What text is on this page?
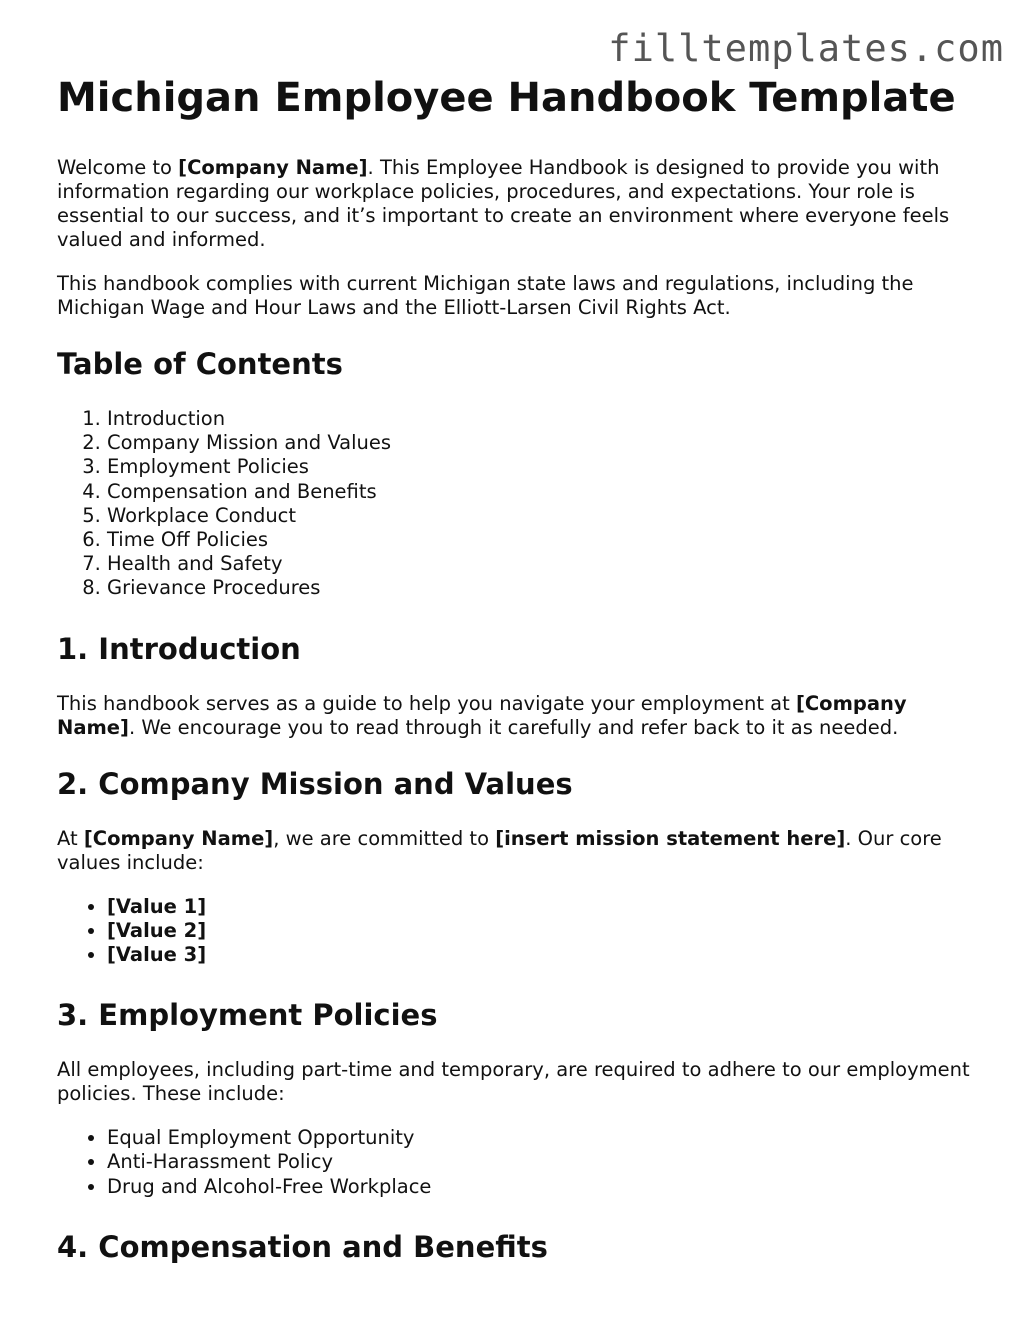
filltemplates.com
Michigan Employee Handbook Template

Welcome to [Company Name]. This Employee Handbook is designed to provide you with information regarding our workplace policies, procedures, and expectations. Your role is essential to our success, and it’s important to create an environment where everyone feels valued and informed.

This handbook complies with current Michigan state laws and regulations, including the Michigan Wage and Hour Laws and the Elliott-Larsen Civil Rights Act.

Table of Contents
1. Introduction
2. Company Mission and Values
3. Employment Policies
4. Compensation and Benefits
5. Workplace Conduct
6. Time Off Policies
7. Health and Safety
8. Grievance Procedures
1. Introduction

This handbook serves as a guide to help you navigate your employment at [Company Name]. We encourage you to read through it carefully and refer back to it as needed.

2. Company Mission and Values

At [Company Name], we are committed to [insert mission statement here]. Our core values include:

• [Value 1]
• [Value 2]
• [Value 3]
3. Employment Policies

All employees, including part-time and temporary, are required to adhere to our employment policies. These include:

• Equal Employment Opportunity
• Anti-Harassment Policy
• Drug and Alcohol-Free Workplace
4. Compensation and Benefits
